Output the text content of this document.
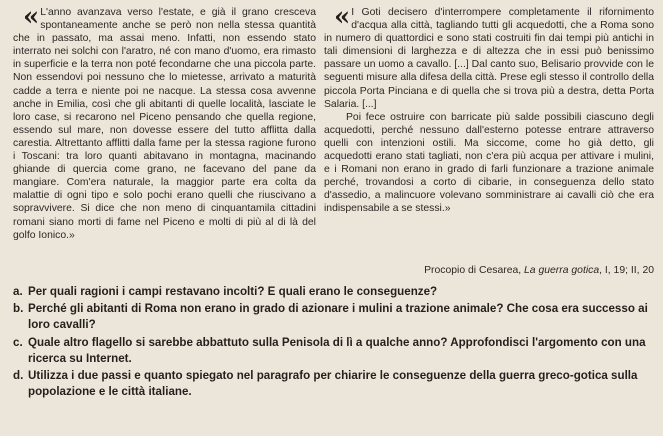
« L'anno avanzava verso l'estate, e già il grano cresceva spontaneamente anche se però non nella stessa quantità che in passato, ma assai meno. Infatti, non essendo stato interrato nei solchi con l'aratro, né con mano d'uomo, era rimasto in superficie e la terra non poté fecondarne che una piccola parte. Non essendovi poi nessuno che lo mietesse, arrivato a maturità cadde a terra e niente poi ne nacque. La stessa cosa avvenne anche in Emilia, così che gli abitanti di quelle località, lasciate le loro case, si recarono nel Piceno pensando che quella regione, essendo sul mare, non dovesse essere del tutto afflitta dalla carestia. Altrettanto afflitti dalla fame per la stessa ragione furono i Toscani: tra loro quanti abitavano in montagna, macinando ghiande di quercia come grano, ne facevano del pane da mangiare. Com'era naturale, la maggior parte era colta da malattie di ogni tipo e solo pochi erano quelli che riuscivano a sopravvivere. Si dice che non meno di cinquantamila cittadini romani siano morti di fame nel Piceno e molti di più al di là del golfo Ionico.»

« I Goti decisero d'interrompere completamente il rifornimento d'acqua alla città, tagliando tutti gli acquedotti, che a Roma sono in numero di quattordici e sono stati costruiti fin dai tempi più antichi in tali dimensioni di larghezza e di altezza che in essi può benissimo passare un uomo a cavallo. [...] Dal canto suo, Belisario provvide con le seguenti misure alla difesa della città. Prese egli stesso il controllo della piccola Porta Pinciana e di quella che si trova più a destra, detta Porta Salaria. [...]

Poi fece ostruire con barricate più salde possibili ciascuno degli acquedotti, perché nessuno dall'esterno potesse entrare attraverso quelli con intenzioni ostili. Ma siccome, come ho già detto, gli acquedotti erano stati tagliati, non c'era più acqua per attivare i mulini, e i Romani non erano in grado di farli funzionare a trazione animale perché, trovandosi a corto di cibarie, in conseguenza dello stato d'assedio, a malincuore volevano somministrare ai cavalli ciò che era indispensabile a se stessi.»

Procopio di Cesarea, La guerra gotica, I, 19; II, 20
a. Per quali ragioni i campi restavano incolti? E quali erano le conseguenze?
b. Perché gli abitanti di Roma non erano in grado di azionare i mulini a trazione animale? Che cosa era successo ai loro cavalli?
c. Quale altro flagello si sarebbe abbattuto sulla Penisola di lì a qualche anno? Approfondisci l'argomento con una ricerca su Internet.
d. Utilizza i due passi e quanto spiegato nel paragrafo per chiarire le conseguenze della guerra greco-gotica sulla popolazione e le città italiane.
